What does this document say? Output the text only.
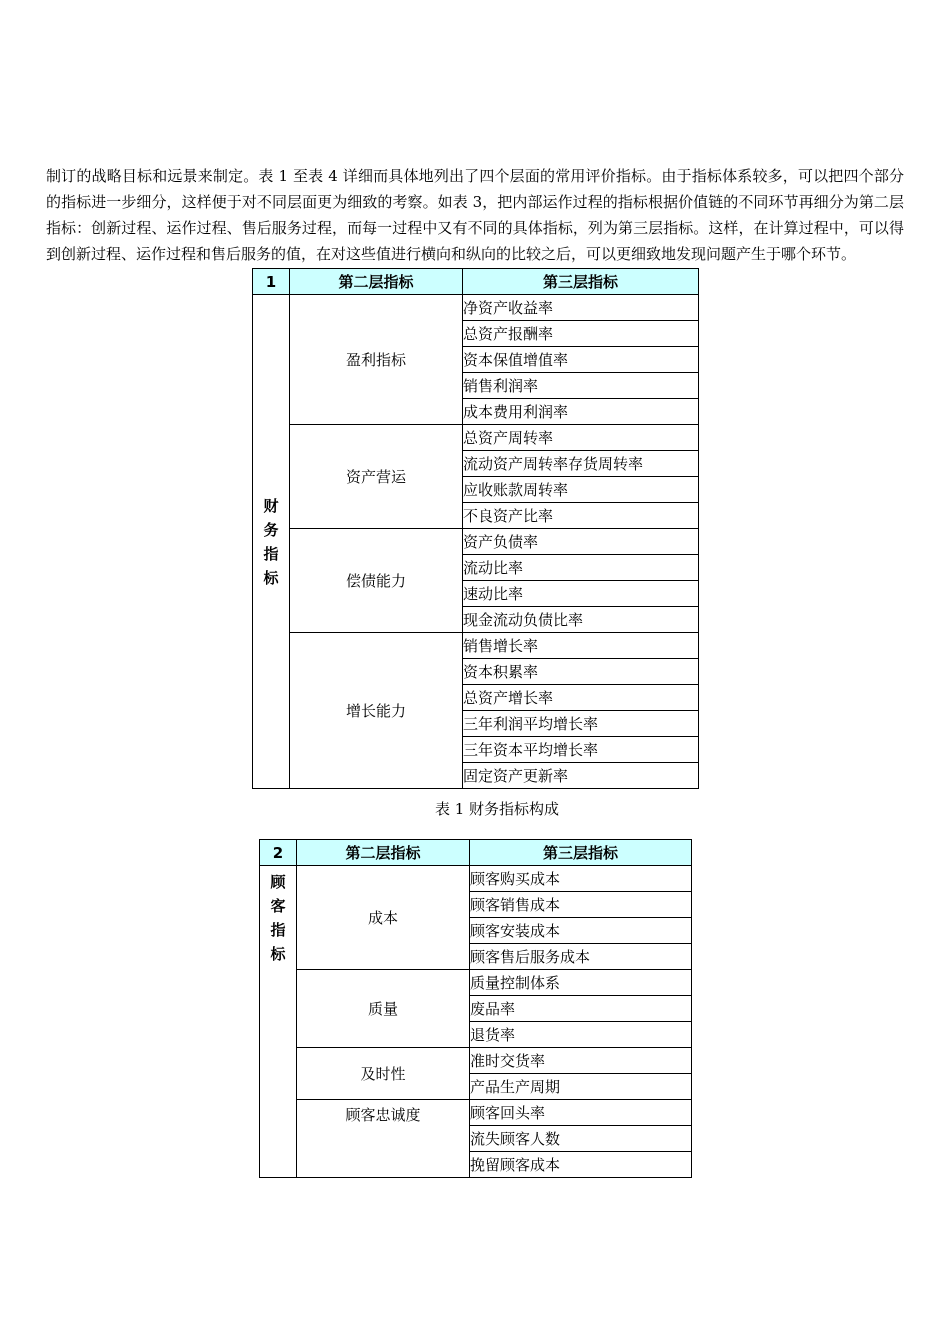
制订的战略目标和远景来制定。表 1 至表 4 详细而具体地列出了四个层面的常用评价指标。由于指标体系较多，可以把四个部分的指标进一步细分，这样便于对不同层面更为细致的考察。如表 3，把内部运作过程的指标根据价值链的不同环节再细分为第二层指标：创新过程、运作过程、售后服务过程，而每一过程中又有不同的具体指标，列为第三层指标。这样，在计算过程中，可以得到创新过程、运作过程和售后服务的值，在对这些值进行横向和纵向的比较之后，可以更细致地发现问题产生于哪个环节。

1	第二层指标	第三层指标
财务指标	盈利指标	净资产收益率
		总资产报酬率
		资本保值增值率
		销售利润率
		成本费用利润率
	资产营运	总资产周转率
		流动资产周转率存货周转率
		应收账款周转率
		不良资产比率
	偿债能力	资产负债率
		流动比率
		速动比率
		现金流动负债比率
	增长能力	销售增长率
		资本积累率
		总资产增长率
		三年利润平均增长率
		三年资本平均增长率
		固定资产更新率
表 1 财务指标构成
2	第二层指标	第三层指标
顾客指标	成本	顾客购买成本
		顾客销售成本
		顾客安装成本
		顾客售后服务成本
	质量	质量控制体系
		废品率
		退货率
	及时性	准时交货率
		产品生产周期
	顾客忠诚度	顾客回头率
		流失顾客人数
		挽留顾客成本
